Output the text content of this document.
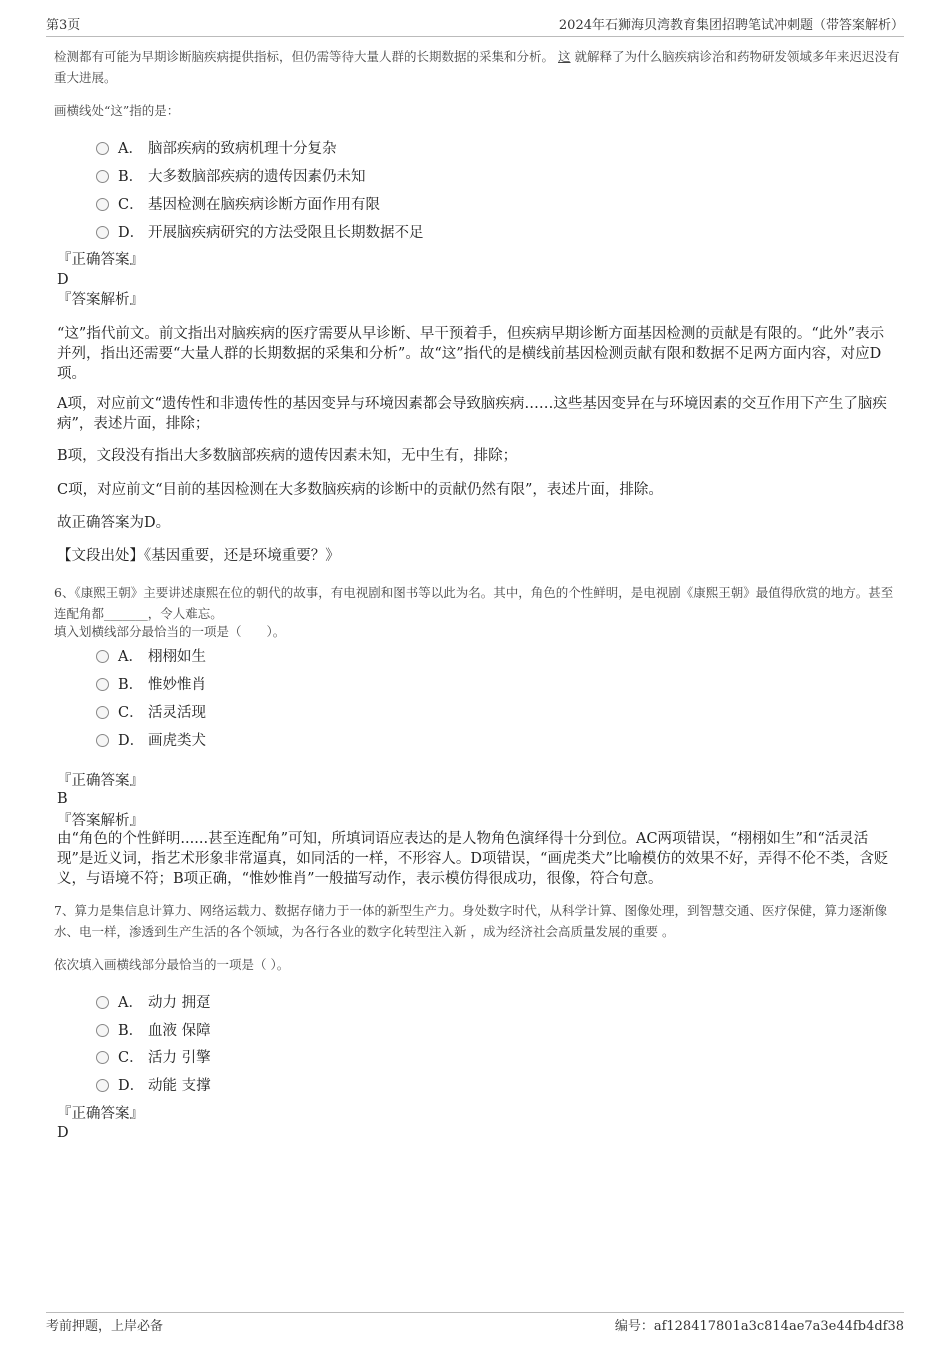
第3页	2024年石狮海贝湾教育集团招聘笔试冲刺题（带答案解析）
检测都有可能为早期诊断脑疾病提供指标，但仍需等待大量人群的长期数据的采集和分析。 这 就解释了为什么脑疾病诊治和药物研发领域多年来迟迟没有重大进展。
画横线处“这”指的是：
A． 脑部疾病的致病机理十分复杂
B． 大多数脑部疾病的遗传因素仍未知
C． 基因检测在脑疾病诊断方面作用有限
D． 开展脑疾病研究的方法受限且长期数据不足
『正确答案』
D
『答案解析』
“这”指代前文。前文指出对脑疾病的医疗需要从早诊断、早干预着手，但疾病早期诊断方面基因检测的贡献是有限的。“此外”表示并列，指出还需要“大量人群的长期数据的采集和分析”。故“这”指代的是横线前基因检测贡献有限和数据不足两方面内容，对应D项。
A项，对应前文“遗传性和非遗传性的基因变异与环境因素都会导致脑疾病……这些基因变异在与环境因素的交互作用下产生了脑疾病”，表述片面，排除；
B项，文段没有指出大多数脑部疾病的遗传因素未知，无中生有，排除；
C项，对应前文“目前的基因检测在大多数脑疾病的诊断中的贡献仍然有限”，表述片面，排除。
故正确答案为D。
【文段出处】《基因重要，还是环境重要？》
6、《康熙王朝》主要讲述康熙在位的朝代的故事，有电视剧和图书等以此为名。其中，角色的个性鲜明，是电视剧《康熙王朝》最值得欣赏的地方。甚至连配角都_______，令人难忘。
填入划横线部分最恰当的一项是（　　）。
A． 栩栩如生
B． 惟妙惟肖
C． 活灵活现
D． 画虎类犬
『正确答案』
B
『答案解析』
由“角色的个性鲜明......甚至连配角”可知，所填词语应表达的是人物角色演绎得十分到位。AC两项错误，“栩栩如生”和“活灵活现”是近义词，指艺术形象非常逼真，如同活的一样，不形容人。D项错误，“画虎类犬”比喻模仿的效果不好，弄得不伦不类，含贬义，与语境不符；B项正确，“惟妙惟肖”一般描写动作，表示模仿得很成功，很像，符合句意。
7、算力是集信息计算力、网络运载力、数据存储力于一体的新型生产力。身处数字时代，从科学计算、图像处理，到智慧交通、医疗保健，算力逐渐像水、电一样，渗透到生产生活的各个领域，为各行各业的数字化转型注入新 ，成为经济社会高质量发展的重要 。
依次填入画横线部分最恰当的一项是（ ）。
A． 动力 拥趸
B． 血液 保障
C． 活力 引擎
D． 动能 支撑
『正确答案』
D
考前押题，上岸必备	编号：af128417801a3c814ae7a3e44fb4df38
